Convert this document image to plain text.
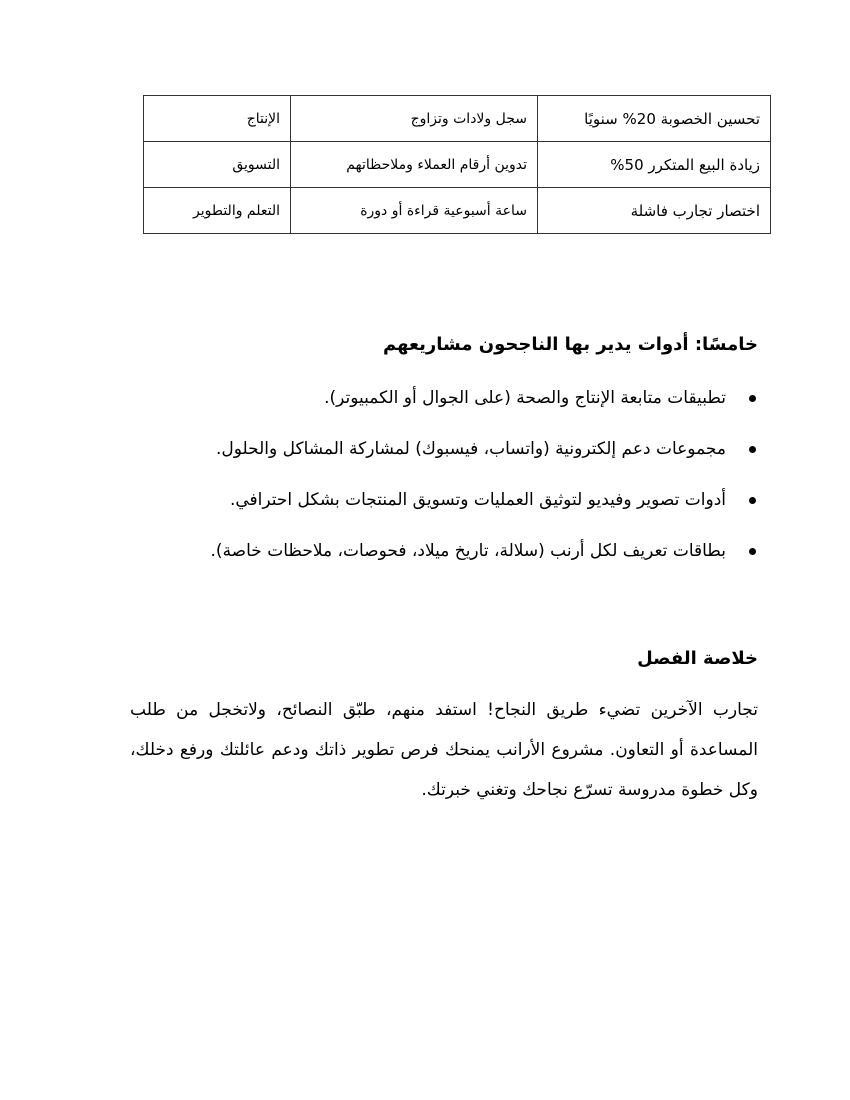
تحسين الخصوبة 20% سنويًا	سجل ولادات وتزاوج	الإنتاج
زيادة البيع المتكرر 50%	تدوين أرقام العملاء وملاحظاتهم	التسويق
اختصار تجارب فاشلة	ساعة أسبوعية قراءة أو دورة	التعلم والتطوير
خامسًا: أدوات يدير بها الناجحون مشاريعهم
تطبيقات متابعة الإنتاج والصحة (على الجوال أو الكمبيوتر).
مجموعات دعم إلكترونية (واتساب، فيسبوك) لمشاركة المشاكل والحلول.
أدوات تصوير وفيديو لتوثيق العمليات وتسويق المنتجات بشكل احترافي.
بطاقات تعريف لكل أرنب (سلالة، تاريخ ميلاد، فحوصات، ملاحظات خاصة).
خلاصة الفصل

تجارب الآخرين تضيء طريق النجاح! استفد منهم، طبّق النصائح، ولاتخجل من طلب المساعدة أو التعاون. مشروع الأرانب يمنحك فرص تطوير ذاتك ودعم عائلتك ورفع دخلك، وكل خطوة مدروسة تسرّع نجاحك وتغني خبرتك.
